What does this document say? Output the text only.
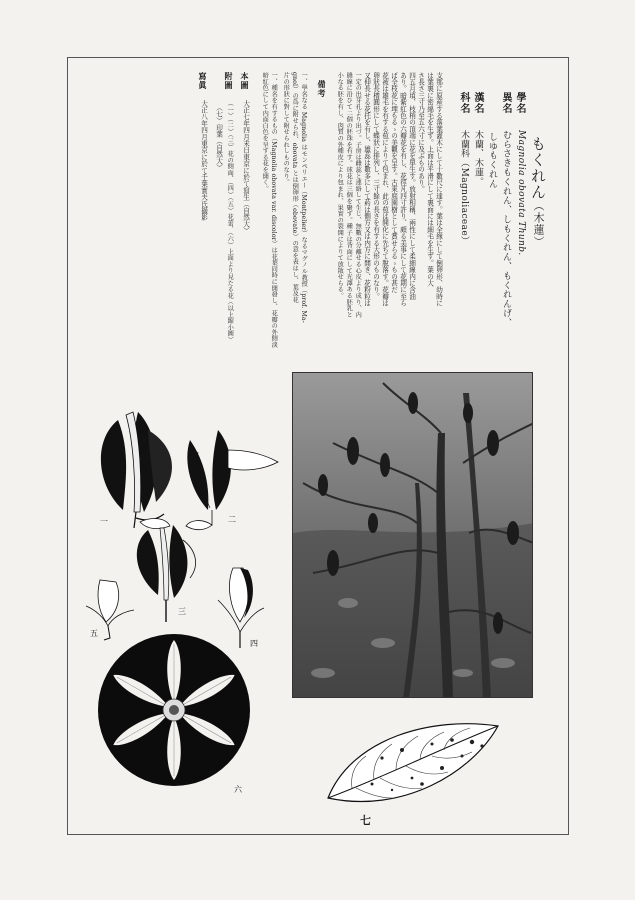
もくれん（木蓮）
學名
Magnolia obovata Thunb.
異名
むらさきもくれん、しもくれん、もくれんげ、
しゆもくれん
漢名
木蘭、木蓮。
科名
木蘭科（Magnoliaceae）
支那に原産する落葉灌木にして十數尺に達す。葉は全緣にして倒卵形、幼時に
は葉裏に密綿毛を生ず。上面は平滑にして裏面には細毛を生ず。葉の大
さ長さ三寸乃至五六寸に及ぶものあり。
四五月頃、枝梢の頂端に花を單生す。放射相稱、兩性にして柔細線内に含油
あり。暗紫紅色の六瓣花を有し、花徑凡四寸許り、頗る美事にして花期に至ら
ば全枝花に埋もるゝの美觀を呈す。古來庭園樹として賞せらるゝもの甚だ
花被は雄毛を有する苞によりて包まれ、此の苞は開化に先ちて脫落す。花瓣は
卵狀長楕圓形にして蝶狀に排列し、三寸餘の長さを有する大形のものなり。
又伸長せる花托を有し、雄蕊は數多にして葯は側方又は内方に開き、花粉粒は
一定の出芽孔より出づ。子房は雌蕊と連絡して生じ、無數の分離せる心皮より成り、内
縫線に沿ひて二個の胚珠を有す。球花は三個を聚す。種子は背面にして光澤ある胚乳と
小なる胚を有し、肉質の外種皮により包まれ、果實の裂開によりて放散せらる。
備考
一、學名なる Magnolia はモンペリエー（Montpelier）なるマグノル教授（prof. Ma-
gnol）の爲に附せられ、obovata とは倒卵形（obovate）の意を表はし、葉及花
片の形狀に對して附せられしものなり。
一、種名を有するもの（Magnolia obovata var. discolor）は花葉同時に開發し、花瓣の外側淡
暗紅色にして内面白色を呈する花を開く。
本圖
大正七年四月末日東京に於て寫生（自然大）
附圖
（一）（二）（三）花の側面、（四）（五）花蕾、（六）上面より見たる花（以上縮小圖）
（七）印葉（自然大）
寫眞
大正八年四月東京に於て千葉實夫氏撮影
一	二
三
四
五
六
七
